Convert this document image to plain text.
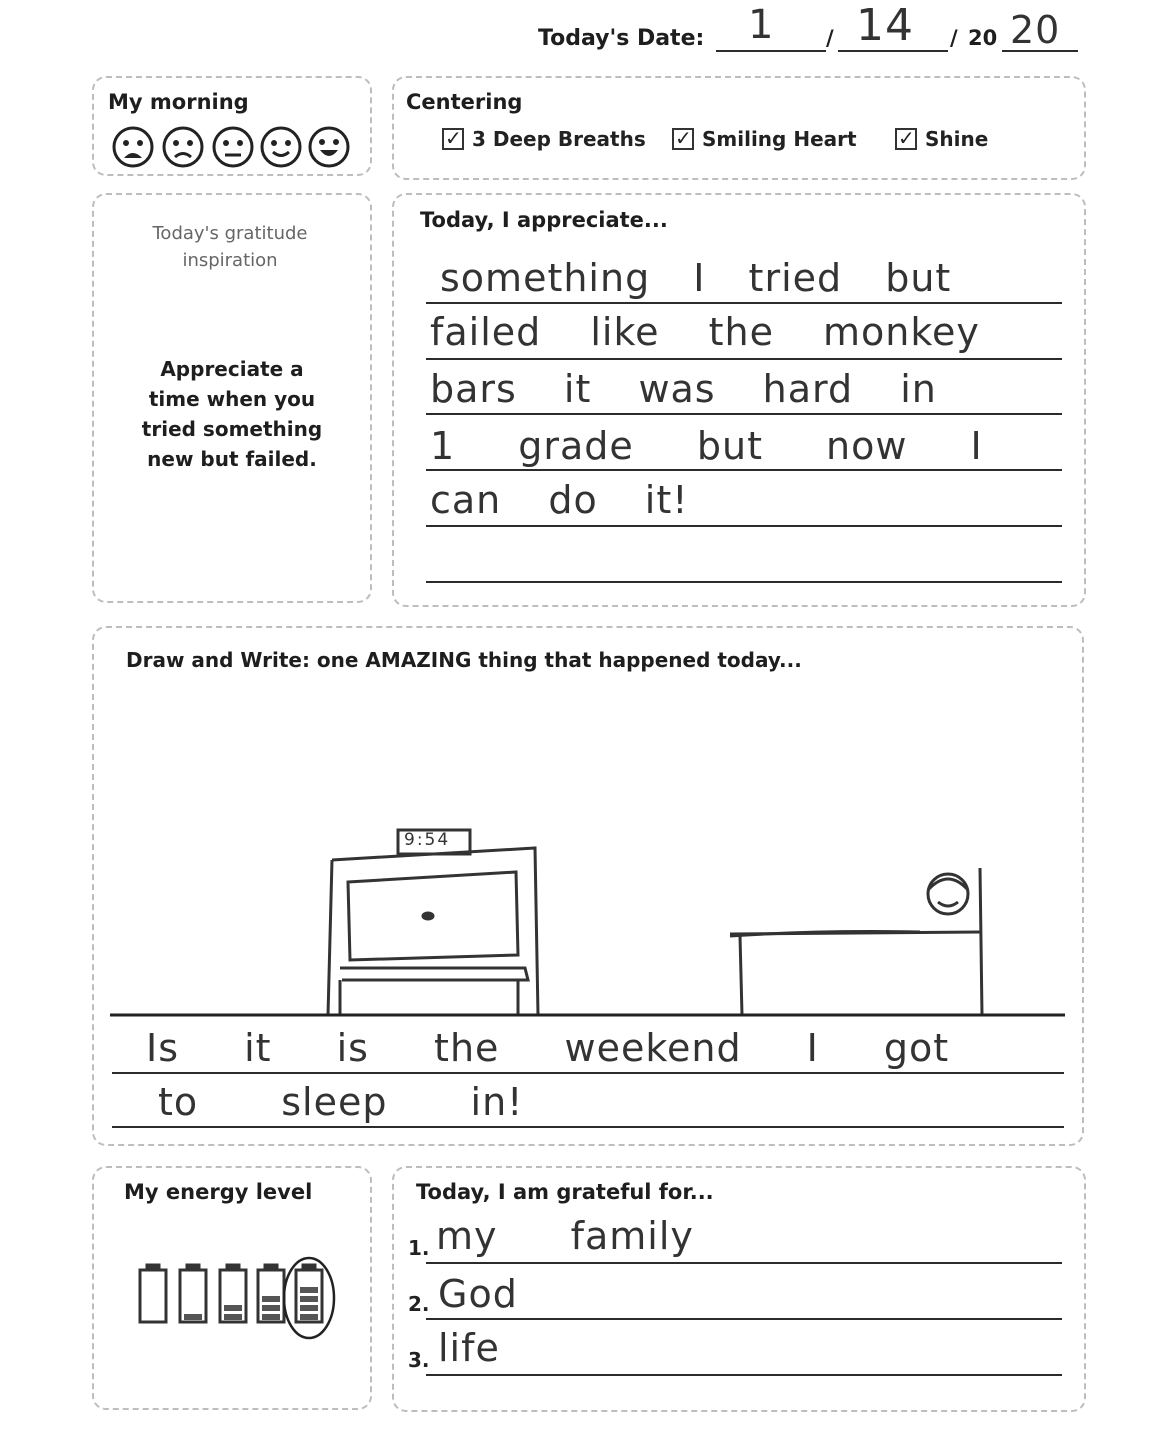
Today's Date: 1 / 14 / 20 20
My morning	Centering
✓
3 Deep Breaths ✓	Smiling Heart ✓	Shine
Today's gratitude inspiration
Appreciate a time when you tried something new but failed.
Today, I appreciate...
something I tried but
failed like the monkey
bars it was hard in
1 grade but now I
can do it!
Draw and Write: one AMAZING thing that happened today...
9:54
Is it is the weekend I got
to sleep in!
My energy level	Today, I am grateful for...
1. my family
2. God
3. life
